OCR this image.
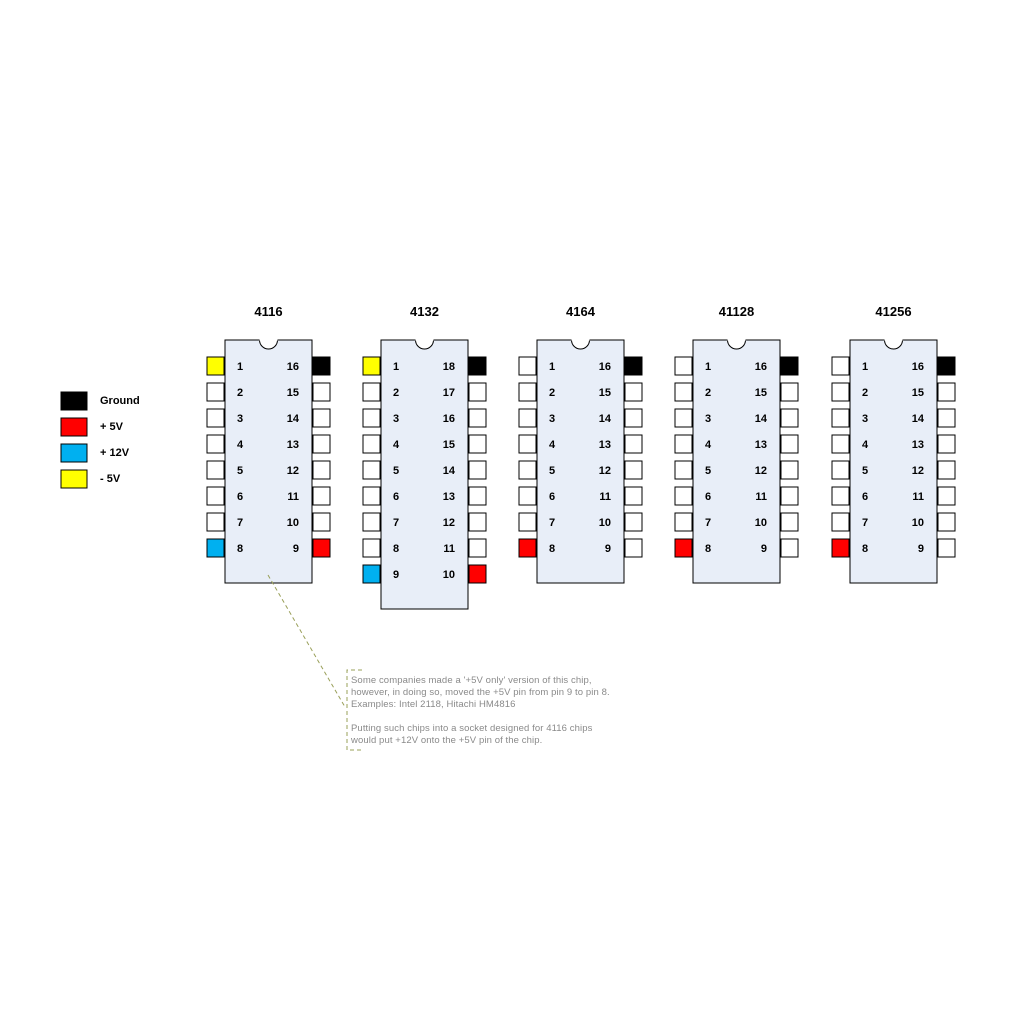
Ground
+ 5V
+ 12V
- 5V
4116
1	16
2	15
3	14
4	13
5	12
6	11
7	10
8	9
4132
1	18
2	17
3	16
4	15
5	14
6	13
7	12
8	11
9	10
4164
1	16
2	15
3	14
4	13
5	12
6	11
7	10
8	9
41128
1	16
2	15
3	14
4	13
5	12
6	11
7	10
8	9
41256
1	16
2	15
3	14
4	13
5	12
6	11
7	10
8	9
Some companies made a '+5V only' version of this chip,
however, in doing so, moved the +5V pin from pin 9 to pin 8.
Examples: Intel 2118, Hitachi HM4816
Putting such chips into a socket designed for 4116 chips
would put +12V onto the +5V pin of the chip.
